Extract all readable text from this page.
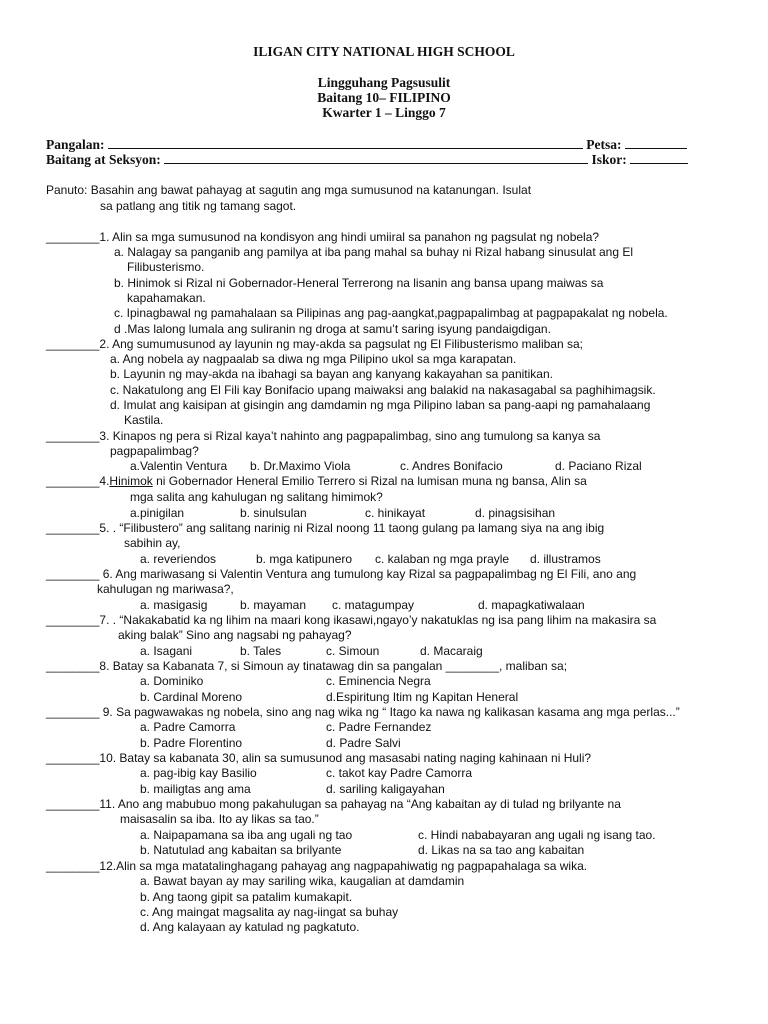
ILIGAN CITY NATIONAL HIGH SCHOOL
Lingguhang Pagsusulit
Baitang 10– FILIPINO
Kwarter 1 – Linggo 7
Pangalan:	Petsa:
Baitang at Seksyon:	Iskor:
Panuto: Basahin ang bawat pahayag at sagutin ang mga sumusunod na katanungan. Isulat
sa patlang ang titik ng tamang sagot.
________1. Alin sa mga sumusunod na kondisyon ang hindi umiiral sa panahon ng pagsulat ng nobela?
a. Nalagay sa panganib ang pamilya at iba pang mahal sa buhay ni Rizal habang sinusulat ang El
Filibusterismo.
b. Hinimok si Rizal ni Gobernador-Heneral Terrerong na lisanin ang bansa upang maiwas sa
kapahamakan.
c. Ipinagbawal ng pamahalaan sa Pilipinas ang pag-aangkat,pagpapalimbag at pagpapakalat ng nobela.
d .Mas lalong lumala ang suliranin ng droga at samu’t saring isyung pandaigdigan.
________2. Ang sumumusunod ay layunin ng may-akda sa pagsulat ng El Filibusterismo maliban sa;
a. Ang nobela ay nagpaalab sa diwa ng mga Pilipino ukol sa mga karapatan.
b. Layunin ng may-akda na ibahagi sa bayan ang kanyang kakayahan sa panitikan.
c. Nakatulong ang El Fili kay Bonifacio upang maiwaksi ang balakid na nakasagabal sa paghihimagsik.
d. Imulat ang kaisipan at gisingin ang damdamin ng mga Pilipino laban sa pang-aapi ng pamahalaang
Kastila.
________3. Kinapos ng pera si Rizal kaya’t nahinto ang pagpapalimbag, sino ang tumulong sa kanya sa
pagpapalimbag?
a.Valentin Ventura b. Dr.Maximo Viola	c. Andres Bonifacio	d. Paciano Rizal
________4.Hinimok ni Gobernador Heneral Emilio Terrero si Rizal na lumisan muna ng bansa, Alin sa
mga salita ang kahulugan ng salitang himimok?
a.pinigilan	b. sinulsulan	c. hinikayat	d. pinagsisihan
________5. . “Filibustero” ang salitang narinig ni Rizal noong 11 taong gulang pa lamang siya na ang ibig
sabihin ay,
a. reveriendos	b. mga katipunero c. kalaban ng mga prayle d. illustramos
________ 6. Ang mariwasang si Valentin Ventura ang tumulong kay Rizal sa pagpapalimbag ng El Fili, ano ang
kahulugan ng mariwasa?,
a. masigasig	b. mayaman c. matagumpay	d. mapagkatiwalaan
________7. . “Nakakabatid ka ng lihim na maari kong ikasawi,ngayo’y nakatuklas ng isa pang lihim na makasira sa
aking balak” Sino ang nagsabi ng pahayag?
a. Isagani	b. Tales	c. Simoun	d. Macaraig
________8. Batay sa Kabanata 7, si Simoun ay tinatawag din sa pangalan ________, maliban sa;
a. Dominiko	c. Eminencia Negra
b. Cardinal Moreno	d.Espiritung Itim ng Kapitan Heneral
________ 9. Sa pagwawakas ng nobela, sino ang nag wika ng “ Itago ka nawa ng kalikasan kasama ang mga perlas...”
a. Padre Camorra	c. Padre Fernandez
b. Padre Florentino	d. Padre Salvi
________10. Batay sa kabanata 30, alin sa sumusunod ang masasabi nating naging kahinaan ni Huli?
a. pag-ibig kay Basilio	c. takot kay Padre Camorra
b. mailigtas ang ama	d. sariling kaligayahan
________11. Ano ang mabubuo mong pakahulugan sa pahayag na “Ang kabaitan ay di tulad ng brilyante na
maisasalin sa iba. Ito ay likas sa tao.”
a. Naipapamana sa iba ang ugali ng tao	c. Hindi nababayaran ang ugali ng isang tao.
b. Natutulad ang kabaitan sa brilyante	d. Likas na sa tao ang kabaitan
________12.Alin sa mga matatalinghagang pahayag ang nagpapahiwatig ng pagpapahalaga sa wika.
a. Bawat bayan ay may sariling wika, kaugalian at damdamin
b. Ang taong gipit sa patalim kumakapit.
c. Ang maingat magsalita ay nag-iingat sa buhay
d. Ang kalayaan ay katulad ng pagkatuto.
